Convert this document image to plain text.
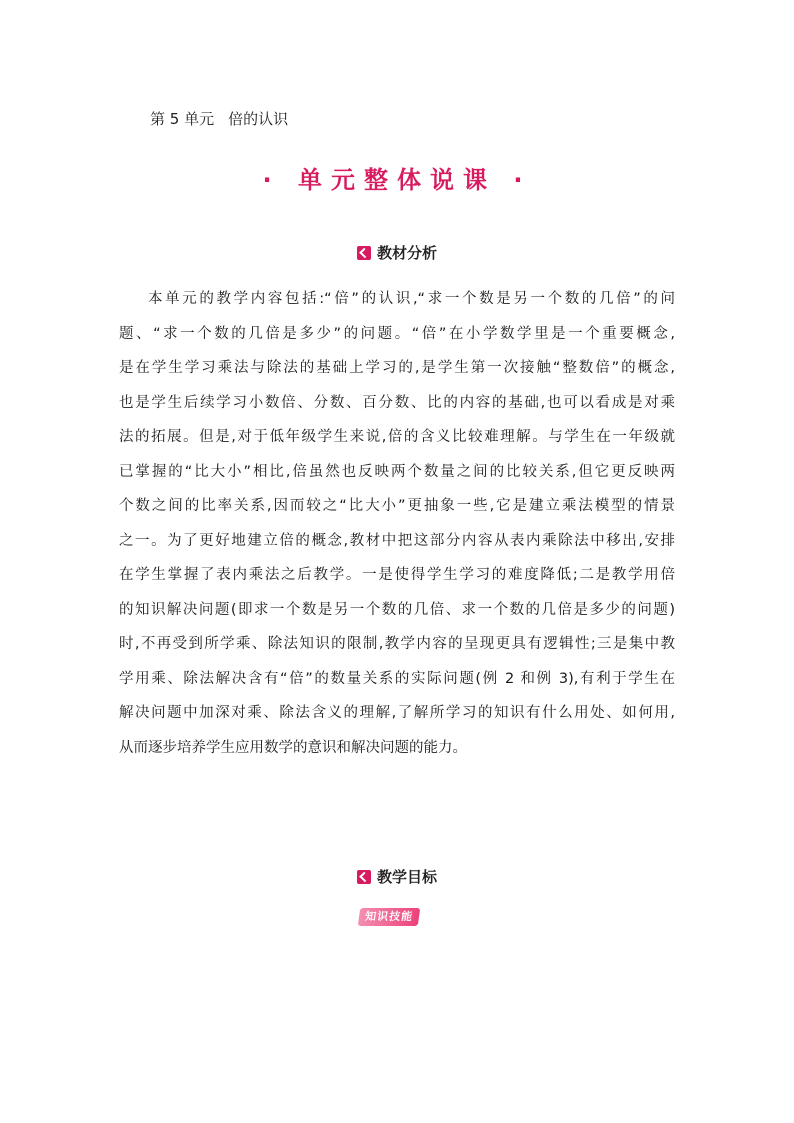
第 5 单元 倍的认识
· 单元整体说课 ·
教材分析

本单元的教学内容包括:“倍”的认识,“求一个数是另一个数的几倍”的问
题、“求一个数的几倍是多少”的问题。“倍”在小学数学里是一个重要概念,
是在学生学习乘法与除法的基础上学习的,是学生第一次接触“整数倍”的概念,
也是学生后续学习小数倍、分数、百分数、比的内容的基础,也可以看成是对乘
法的拓展。但是,对于低年级学生来说,倍的含义比较难理解。与学生在一年级就
已掌握的“比大小”相比,倍虽然也反映两个数量之间的比较关系,但它更反映两
个数之间的比率关系,因而较之“比大小”更抽象一些,它是建立乘法模型的情景
之一。为了更好地建立倍的概念,教材中把这部分内容从表内乘除法中移出,安排
在学生掌握了表内乘法之后教学。一是使得学生学习的难度降低;二是教学用倍
的知识解决问题(即求一个数是另一个数的几倍、求一个数的几倍是多少的问题)
时,不再受到所学乘、除法知识的限制,教学内容的呈现更具有逻辑性;三是集中教
学用乘、除法解决含有“倍”的数量关系的实际问题(例 2 和例 3),有利于学生在
解决问题中加深对乘、除法含义的理解,了解所学习的知识有什么用处、如何用,
从而逐步培养学生应用数学的意识和解决问题的能力。

教学目标
知识技能
